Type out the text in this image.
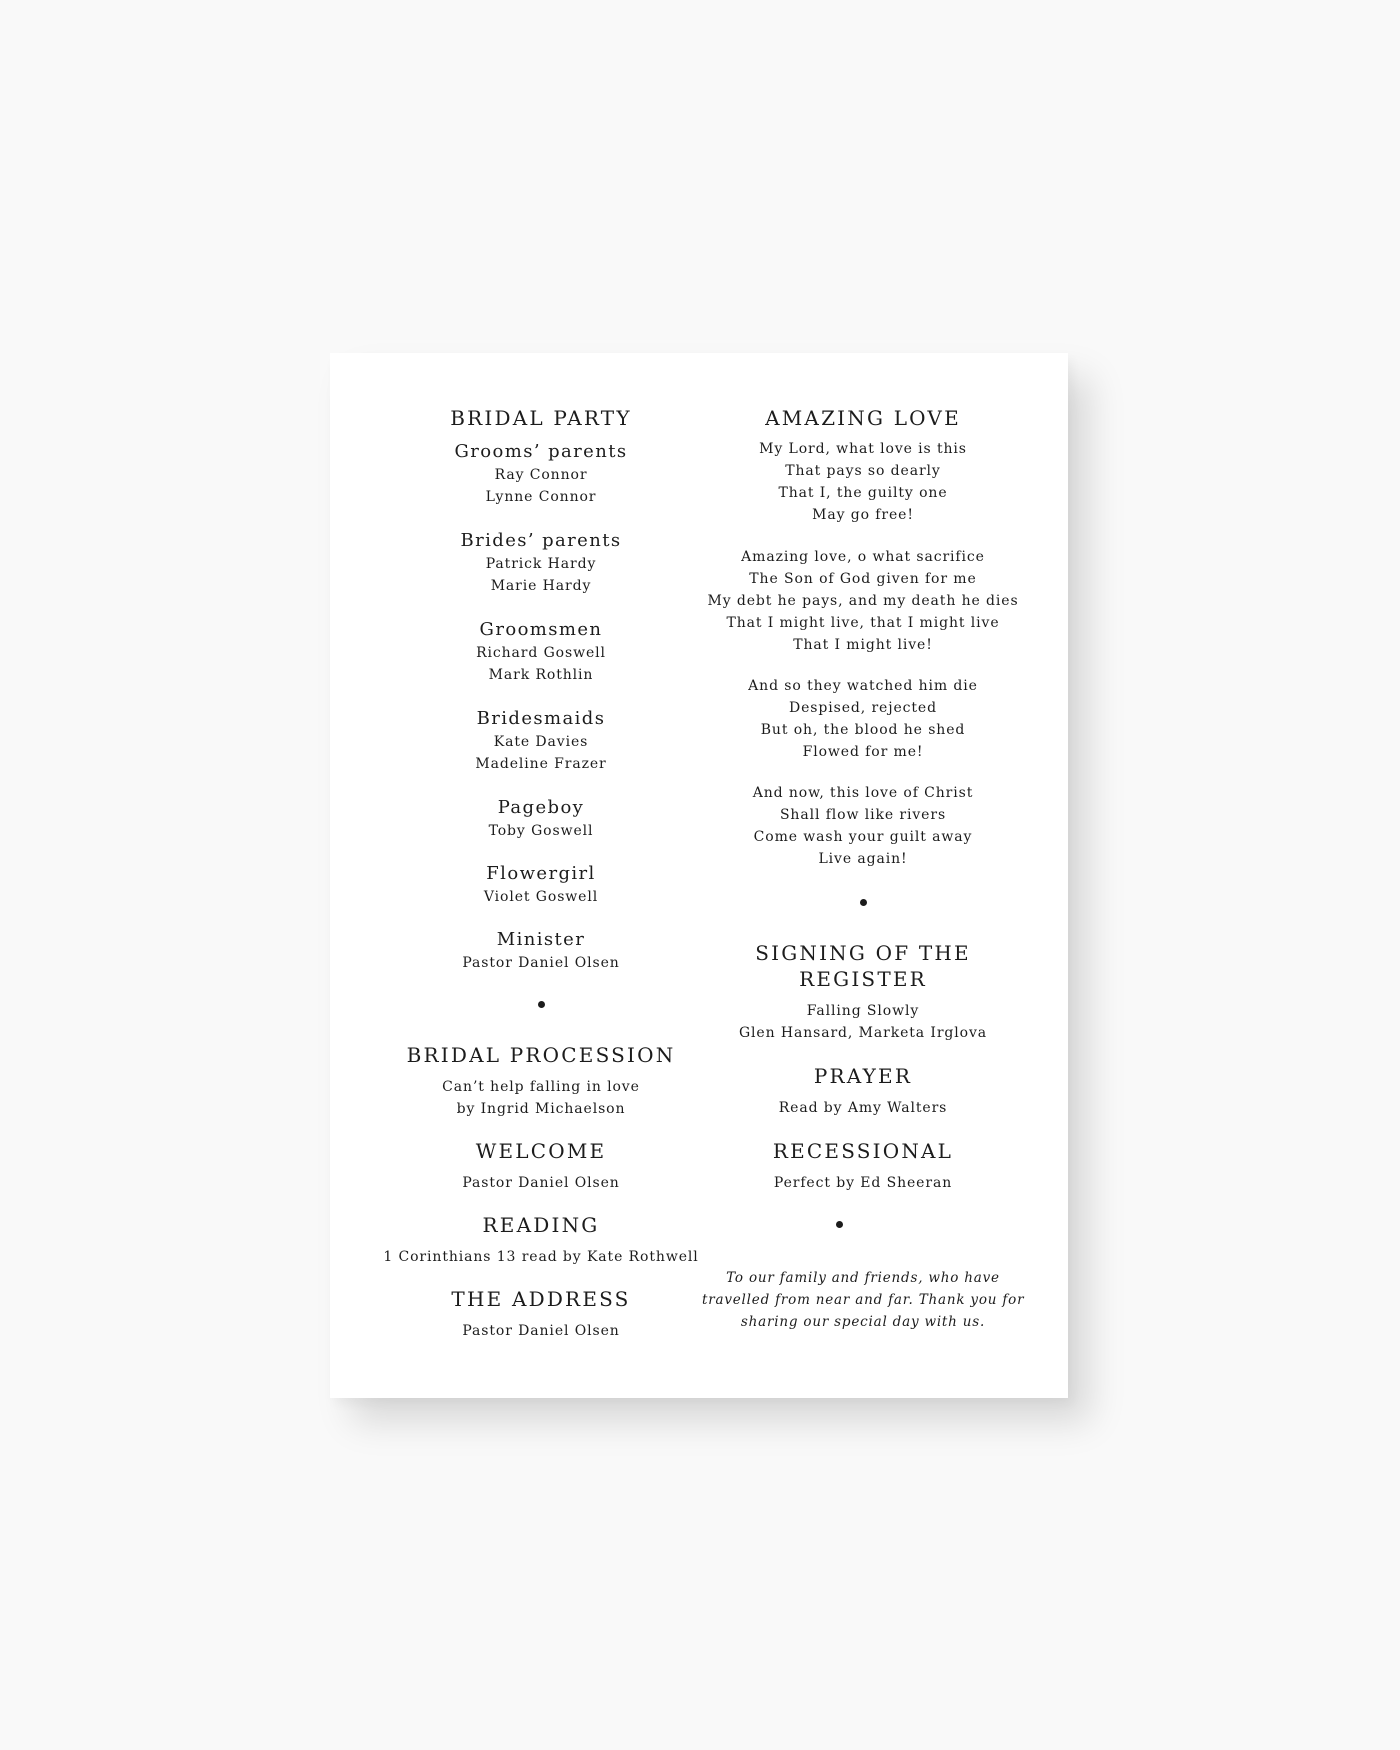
BRIDAL PARTY
Grooms’ parents
Ray Connor
Lynne Connor
Brides’ parents
Patrick Hardy
Marie Hardy
Groomsmen
Richard Goswell
Mark Rothlin
Bridesmaids
Kate Davies
Madeline Frazer
Pageboy
Toby Goswell
Flowergirl
Violet Goswell
Minister
Pastor Daniel Olsen
BRIDAL PROCESSION
Can’t help falling in love
by Ingrid Michaelson
WELCOME
Pastor Daniel Olsen
READING
1 Corinthians 13 read by Kate Rothwell
THE ADDRESS
Pastor Daniel Olsen
AMAZING LOVE
My Lord, what love is this
That pays so dearly
That I, the guilty one
May go free!
Amazing love, o what sacrifice
The Son of God given for me
My debt he pays, and my death he dies
That I might live, that I might live
That I might live!
And so they watched him die
Despised, rejected
But oh, the blood he shed
Flowed for me!
And now, this love of Christ
Shall flow like rivers
Come wash your guilt away
Live again!
SIGNING OF THE
REGISTER
Falling Slowly
Glen Hansard, Marketa Irglova
PRAYER
Read by Amy Walters
RECESSIONAL
Perfect by Ed Sheeran
To our family and friends, who have
travelled from near and far. Thank you for
sharing our special day with us.
